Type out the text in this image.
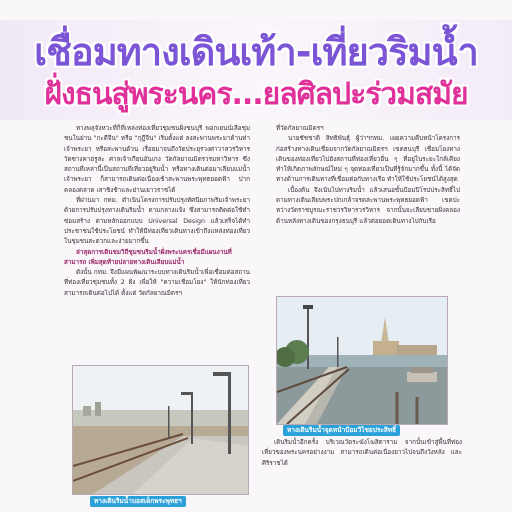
เชื่อมทางเดินเท้า-เที่ยวริมน้ำ
ฝั่งธนสู่พระนคร...ยลศิลปะร่วมสมัย

ทางพลุจังหวะที่ก็ที่เหล่งท่องเที่ยวชุมชนฝั่งชนบุรี พอกเยนน์เลือชุมชนในย่าน "กะดีจีน" หรือ "กุฎีจีน" เริ่มตั้งแต่ ลงสะพานพระมาด้านท่าเจ้าพระยา หรือสะพานด้วน เรื่อยมาจนถึงวัดประยุรวงศาวาสวรวิหาร วัดซางคาฮรูสะ ศาลเจ้าเกียนอันเกง วัดกัลยาณมิตรวรมหาวิหาร ซึ่งสถานที่เหล่านี้เป็นสถานที่เที่ยวอยู่ริมน้ำ หรือทางเดินต่อมาเลียบแม่น้ำเจ้าพระยา ก็สามารถเดินต่อเนื่องเข้าสะพานพระพุทธยอดฟ้า ปากคลองตลาด เสาชิงช้าและย่านเยาวราชได้

ที่ผ่านมา กทม. ดำเนินโครงการปรับปรุงทัศนียภาพริมเจ้าพระยา ด้วยการปรับปรุงทางเดินริมน้ำ ตามกลางแจ้ง ซึ่งสามารถติดต่อใช้ทำซ่อมสร้าง ตามหลักออกแบบ Universal Design แล้วเสร็จได้ทำประชาชนใช้ประโยชน์ ทำให้มีท่องเที่ยวเดินทางเข้าถึงแหล่งท่องเที่ยวในชุมชนสะดวกและง่ายมากขึ้น

ล่าสุดการเดินชมวิถีชุมชนริมน้ำฝั่งพระนครเชื่อมีแผนงานที่สามารถ เพิ่มสุดท้ายปลายทางเดินเลียบแม่น้ำ

ดังนั้น กทม. จึงมีแผนพัฒนาระบบทางเดินริมน้ำเพื่อเชื่อมต่อสถานที่ท่องเที่ยวชุมชนทั้ง 2 ฝั่ง เพื่อให้ "ความเชื่อมโยง" ให้นักท่องเที่ยวสามารถเดินต่อไปได้ ตั้งแต่ วัดกัลยาณมิตรฯ

ที่วัดกัลยาณมิตรฯ

นายชัชชาติ สิทธิพันธุ์ ผู้ว่าฯกทม. เผยความคืบหน้าโครงการก่อสร้างทางเดินเชื่อมจากวัดกัลยาณมิตรฯ เขตธนบุรี เชื่อมโยงทางเดินของท่องเที่ยวไปยังสถานที่ท่องเที่ยวอื่น ๆ ที่อยู่ในระยะใกล้เคียง ทำให้เกิดภาพลักษณ์ใหม่ ๆ จุดท่องเที่ยวเป็นที่รู้จักมากขึ้น ทั้งนี้ ได้จัดทางด้านการเดินทางที่เชื่อมต่อกับทางเรือ ทำให้ใช้ประโยชน์ได้สูงสุด

เบื้องต้น จึงเน้นไปทางริมน้ำ แล้วเสนอขั้นป้อมปิโรปประสิทธิ์ไปตามทางเดินเลียบพระปกเกล้าจรดสะพานพระพุทธยอดฟ้า เขตปะหว่างวัดราชบูรณะราชวรวิหารวรวิหาร จากนั้นจะเลียบชายฝั่งคลองด้านหลังทางเดินของกรุงธนบุรี แล้วต่อยอดเดินทางไปกับเรือ

ทางเดินริมน้ำจุดหน้าป้อมวิไชยประสิทธิ์
ทางเดินริมน้ำบอสเด็กพระพุทธฯ

เดินริมน้ำอีกครั้ง บริเวณวัดระฆังโฆสิตาราม จากนั้นเข้าสู่พื้นที่ท่องเที่ยวของพระนครอย่างงาม สามารถเดินต่อเนื่องยาวไปจนถึงวังหลัง และศิริราชได้
